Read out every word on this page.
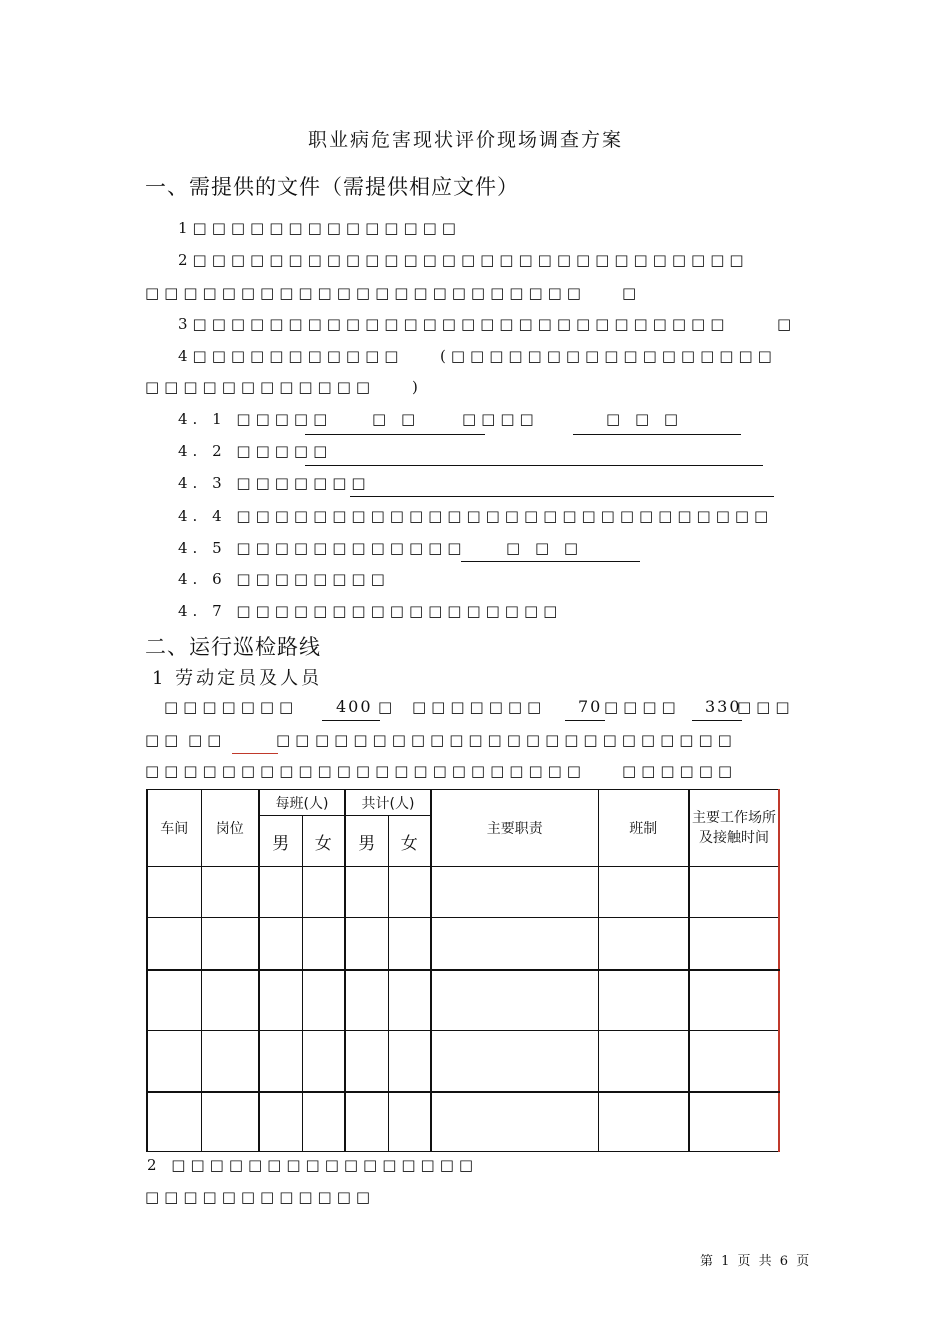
职业病危害现状评价现场调查方案
一、需提供的文件（需提供相应文件）
1□□□□□□□□□□□□□□
2□□□□□□□□□□□□□□□□□□□□□□□□□□□□□
□□□□□□□□□□□□□□□□□□□□□□□ □
3□□□□□□□□□□□□□□□□□□□□□□□□□□□□	□
4□□□□□□□□□□□ (□□□□□□□□□□□□□□□□□
□□□□□□□□□□□□ )
4. 1 □□□□□	□ □	□□□□	□ □ □
4. 2 □□□□□
4. 3 □□□□□□□
4. 4 □□□□□□□□□□□□□□□□□□□□□□□□□□□□
4. 5 □□□□□□□□□□□□	□ □ □
4. 6 □□□□□□□□
4. 7 □□□□□□□□□□□□□□□□□
二、运行巡检路线
1 劳动定员及人员
□□□□□□□ 400 □ □□□□□□□ 70 □□□□ 330
□□□
□□ □□	□□ □□□□□□□□□□□□□□□□□□□□□□
□□□□□□□□□□□□□□□□□□□□□□□ □□□□□□
车间	岗位	每班(人)		共计(人)		主要职责	班制	主要工作场所
及接触时间

		男	女	男	女			

2 □□□□□□□□□□□□□□□□
□□□□□□□□□□□□
第 1 页 共 6 页
